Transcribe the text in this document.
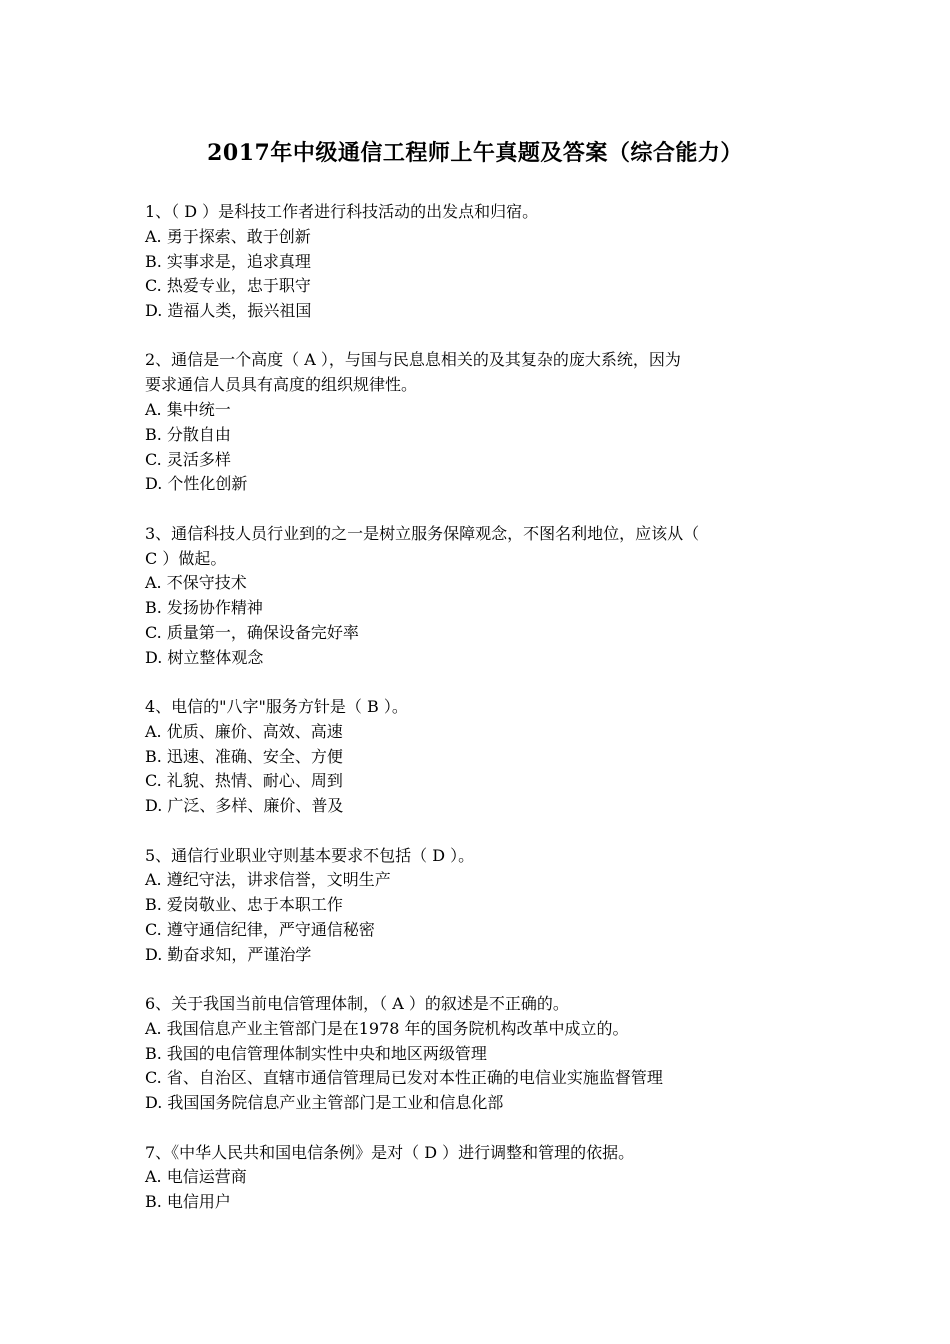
2017年中级通信工程师上午真题及答案（综合能力）
1、（ D ）是科技工作者进行科技活动的出发点和归宿。
A. 勇于探索、敢于创新
B. 实事求是，追求真理
C. 热爱专业，忠于职守
D. 造福人类，振兴祖国
2、通信是一个高度（ A ），与国与民息息相关的及其复杂的庞大系统，因为
要求通信人员具有高度的组织规律性。
A. 集中统一
B. 分散自由
C. 灵活多样
D. 个性化创新
3、通信科技人员行业到的之一是树立服务保障观念，不图名利地位，应该从（
C ）做起。
A. 不保守技术
B. 发扬协作精神
C. 质量第一，确保设备完好率
D. 树立整体观念
4、电信的"八字"服务方针是（ B ）。
A. 优质、廉价、高效、高速
B. 迅速、准确、安全、方便
C. 礼貌、热情、耐心、周到
D. 广泛、多样、廉价、普及
5、通信行业职业守则基本要求不包括（ D ）。
A. 遵纪守法，讲求信誉，文明生产
B. 爱岗敬业、忠于本职工作
C. 遵守通信纪律，严守通信秘密
D. 勤奋求知，严谨治学
6、关于我国当前电信管理体制，（ A ）的叙述是不正确的。
A. 我国信息产业主管部门是在1978 年的国务院机构改革中成立的。
B. 我国的电信管理体制实性中央和地区两级管理
C. 省、自治区、直辖市通信管理局已发对本性正确的电信业实施监督管理
D. 我国国务院信息产业主管部门是工业和信息化部
7、《中华人民共和国电信条例》是对（ D ）进行调整和管理的依据。
A. 电信运营商
B. 电信用户
